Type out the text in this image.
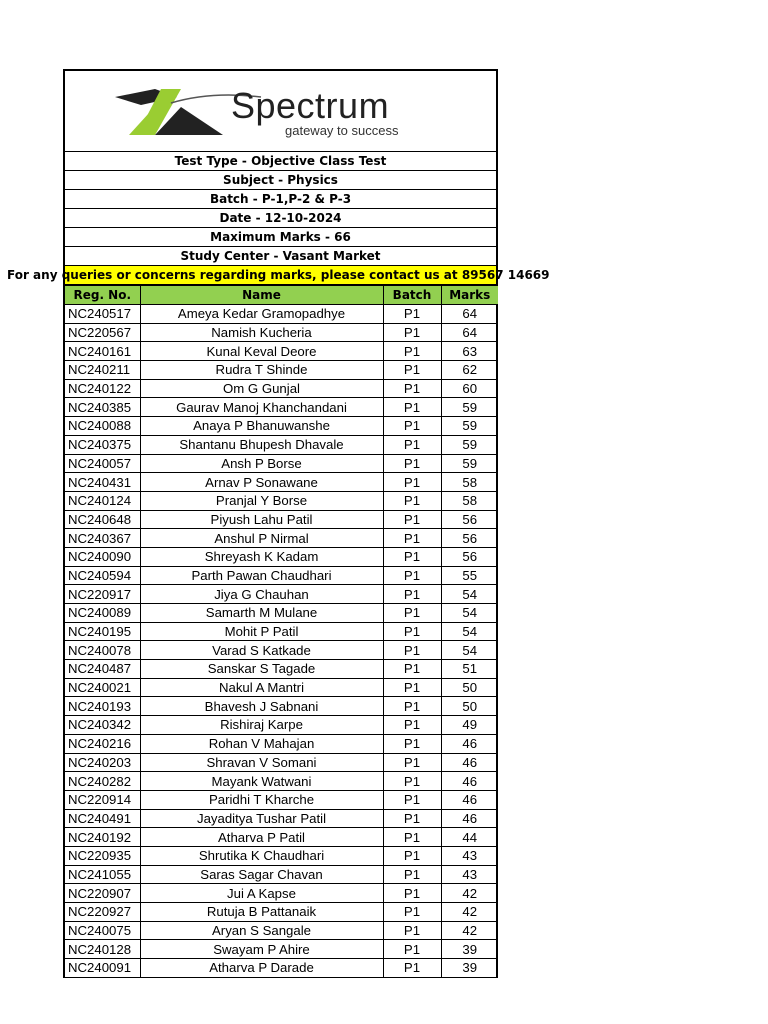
Spectrum
gateway to success
Test Type - Objective Class Test
Subject - Physics
Batch - P-1,P-2 & P-3
Date - 12-10-2024
Maximum Marks - 66
Study Center - Vasant Market
For any queries or concerns regarding marks, please contact us at 89567 14669
Reg. No.	Name	Batch	Marks
NC240517	Ameya Kedar Gramopadhye	P1	64
NC220567	Namish Kucheria	P1	64
NC240161	Kunal Keval Deore	P1	63
NC240211	Rudra T Shinde	P1	62
NC240122	Om G Gunjal	P1	60
NC240385	Gaurav Manoj Khanchandani	P1	59
NC240088	Anaya P Bhanuwanshe	P1	59
NC240375	Shantanu Bhupesh Dhavale	P1	59
NC240057	Ansh P Borse	P1	59
NC240431	Arnav P Sonawane	P1	58
NC240124	Pranjal Y Borse	P1	58
NC240648	Piyush Lahu Patil	P1	56
NC240367	Anshul P Nirmal	P1	56
NC240090	Shreyash K Kadam	P1	56
NC240594	Parth Pawan Chaudhari	P1	55
NC220917	Jiya G Chauhan	P1	54
NC240089	Samarth M Mulane	P1	54
NC240195	Mohit P Patil	P1	54
NC240078	Varad S Katkade	P1	54
NC240487	Sanskar S Tagade	P1	51
NC240021	Nakul A Mantri	P1	50
NC240193	Bhavesh J Sabnani	P1	50
NC240342	Rishiraj Karpe	P1	49
NC240216	Rohan V Mahajan	P1	46
NC240203	Shravan V Somani	P1	46
NC240282	Mayank Watwani	P1	46
NC220914	Paridhi T Kharche	P1	46
NC240491	Jayaditya Tushar Patil	P1	46
NC240192	Atharva P Patil	P1	44
NC220935	Shrutika K Chaudhari	P1	43
NC241055	Saras Sagar Chavan	P1	43
NC220907	Jui A Kapse	P1	42
NC220927	Rutuja B Pattanaik	P1	42
NC240075	Aryan S Sangale	P1	42
NC240128	Swayam P Ahire	P1	39
NC240091	Atharva P Darade	P1	39
